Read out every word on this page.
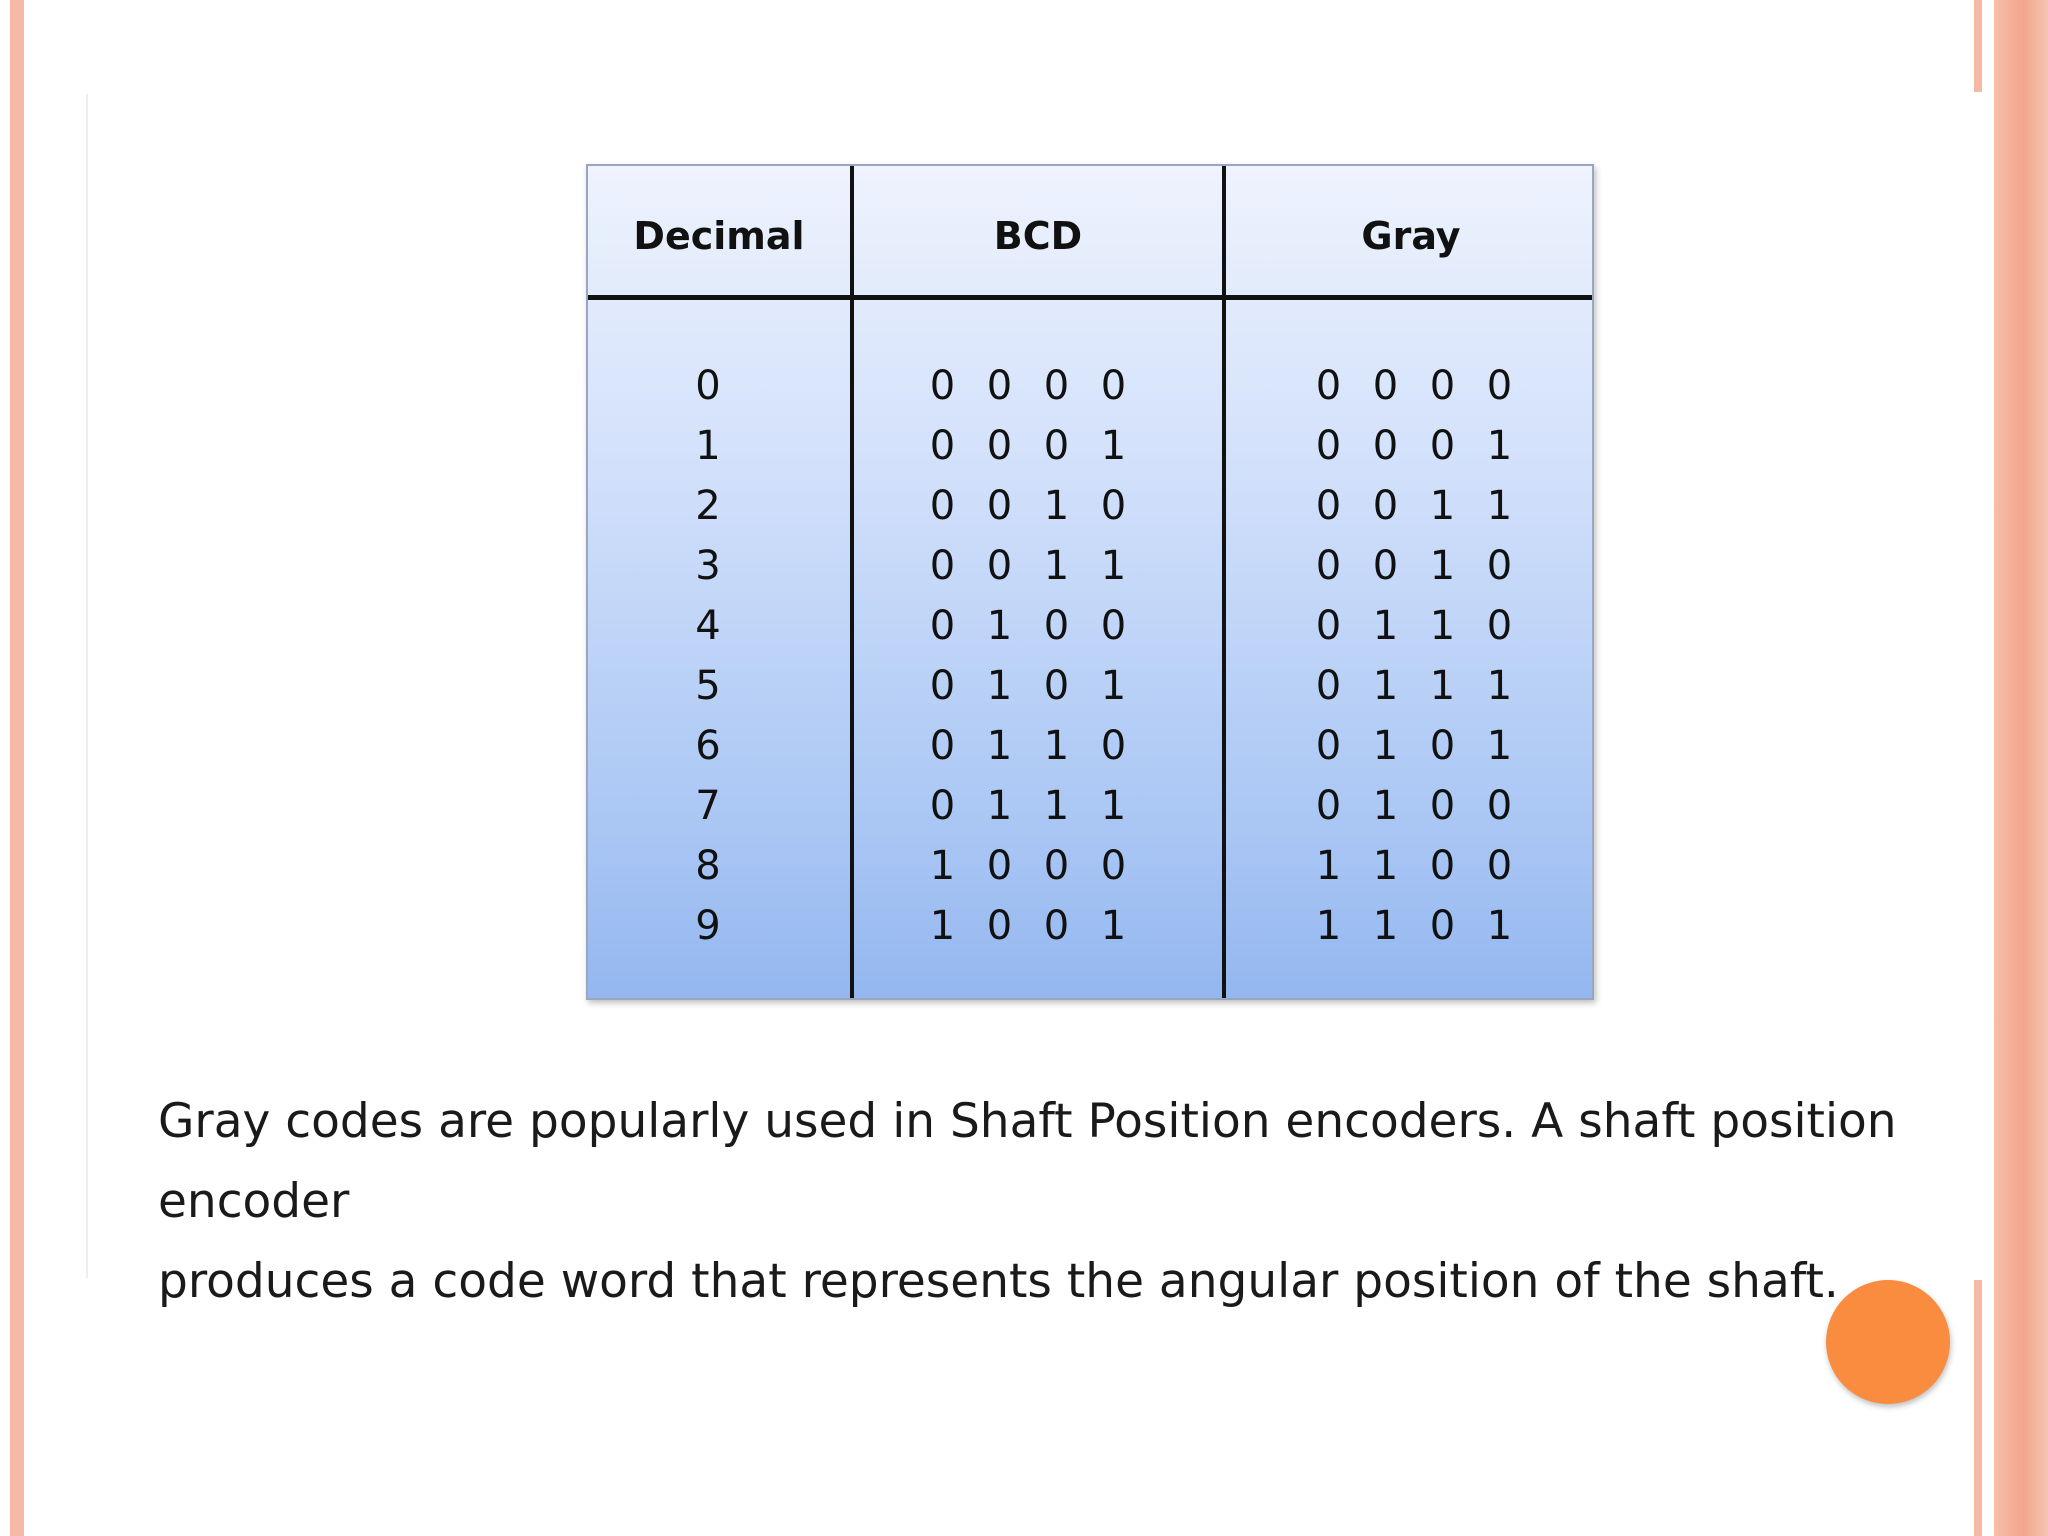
Decimal	BCD	Gray
0
1
2
3
4
5
6
7
8
9
0 0 0 0
0 0 0 1
0 0 1 0
0 0 1 1
0 1 0 0
0 1 0 1
0 1 1 0
0 1 1 1
1 0 0 0
1 0 0 1
0 0 0 0
0 0 0 1
0 0 1 1
0 0 1 0
0 1 1 0
0 1 1 1
0 1 0 1
0 1 0 0
1 1 0 0
1 1 0 1
Gray codes are popularly used in Shaft Position encoders. A shaft position encoder
produces a code word that represents the angular position of the shaft.
